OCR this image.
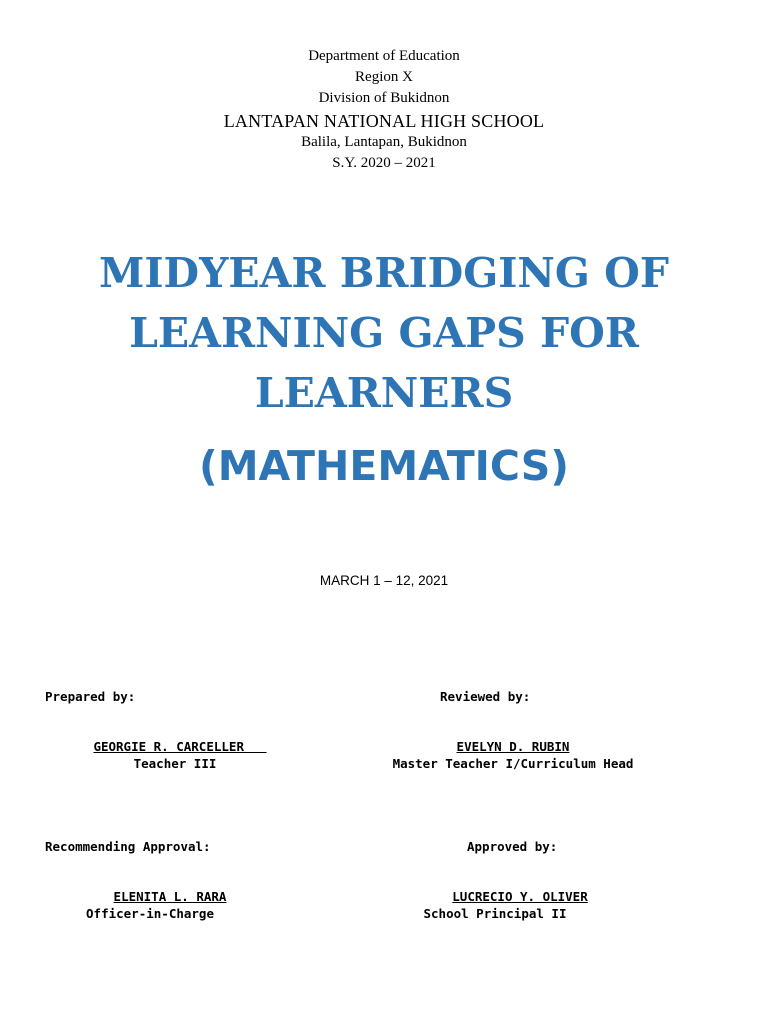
Department of Education
Region X
Division of Bukidnon
LANTAPAN NATIONAL HIGH SCHOOL
Balila, Lantapan, Bukidnon
S.Y. 2020 – 2021
MIDYEAR BRIDGING OF
LEARNING GAPS FOR
LEARNERS
(MATHEMATICS)
MARCH 1 – 12, 2021
Prepared by:	Reviewed by:
GEORGIE R. CARCELLER
Teacher III
EVELYN D. RUBIN
Master Teacher I/Curriculum Head
Recommending Approval:	Approved by:
ELENITA L. RARA
Officer-in-Charge
LUCRECIO Y. OLIVER
School Principal II
